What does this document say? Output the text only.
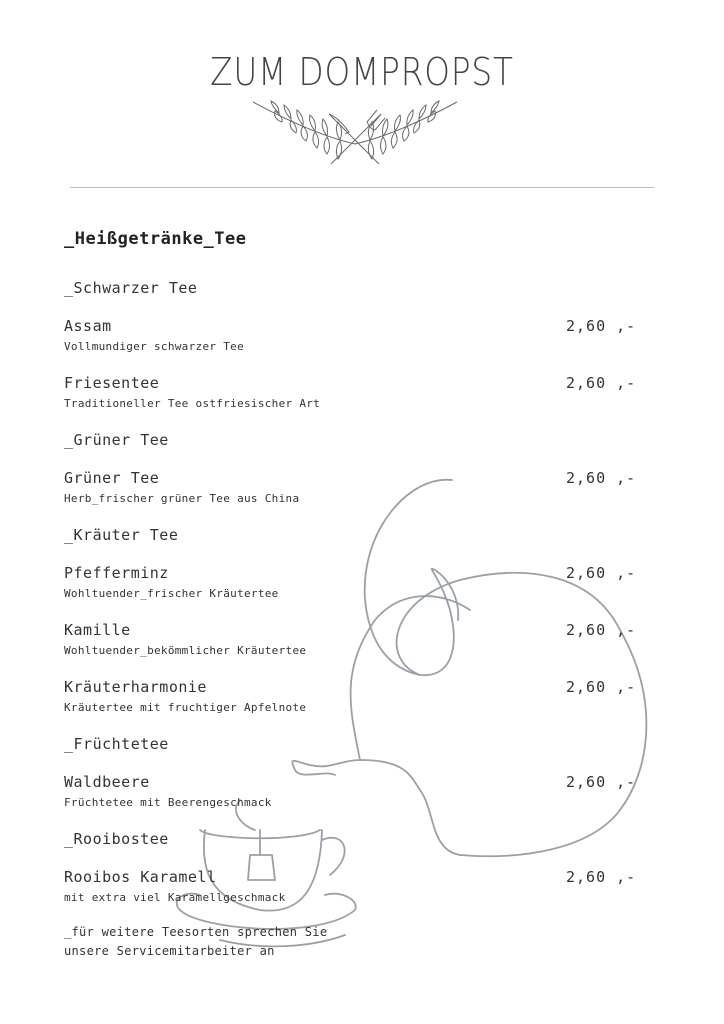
ZUM DOMPROPST
_Heißgetränke_Tee
_Schwarzer Tee
Assam	2,60 ,-
Vollmundiger schwarzer Tee
Friesentee	2,60 ,-
Traditioneller Tee ostfriesischer Art
_Grüner Tee
Grüner Tee	2,60 ,-
Herb_frischer grüner Tee aus China
_Kräuter Tee
Pfefferminz	2,60 ,-
Wohltuender_frischer Kräutertee
Kamille	2,60 ,-
Wohltuender_bekömmlicher Kräutertee
Kräuterharmonie	2,60 ,-
Kräutertee mit fruchtiger Apfelnote
_Früchtetee
Waldbeere	2,60 ,-
Früchtetee mit Beerengeschmack
_Rooibostee
Rooibos Karamell	2,60 ,-
mit extra viel Karamellgeschmack
_für weitere Teesorten sprechen Sie
unsere Servicemitarbeiter an
